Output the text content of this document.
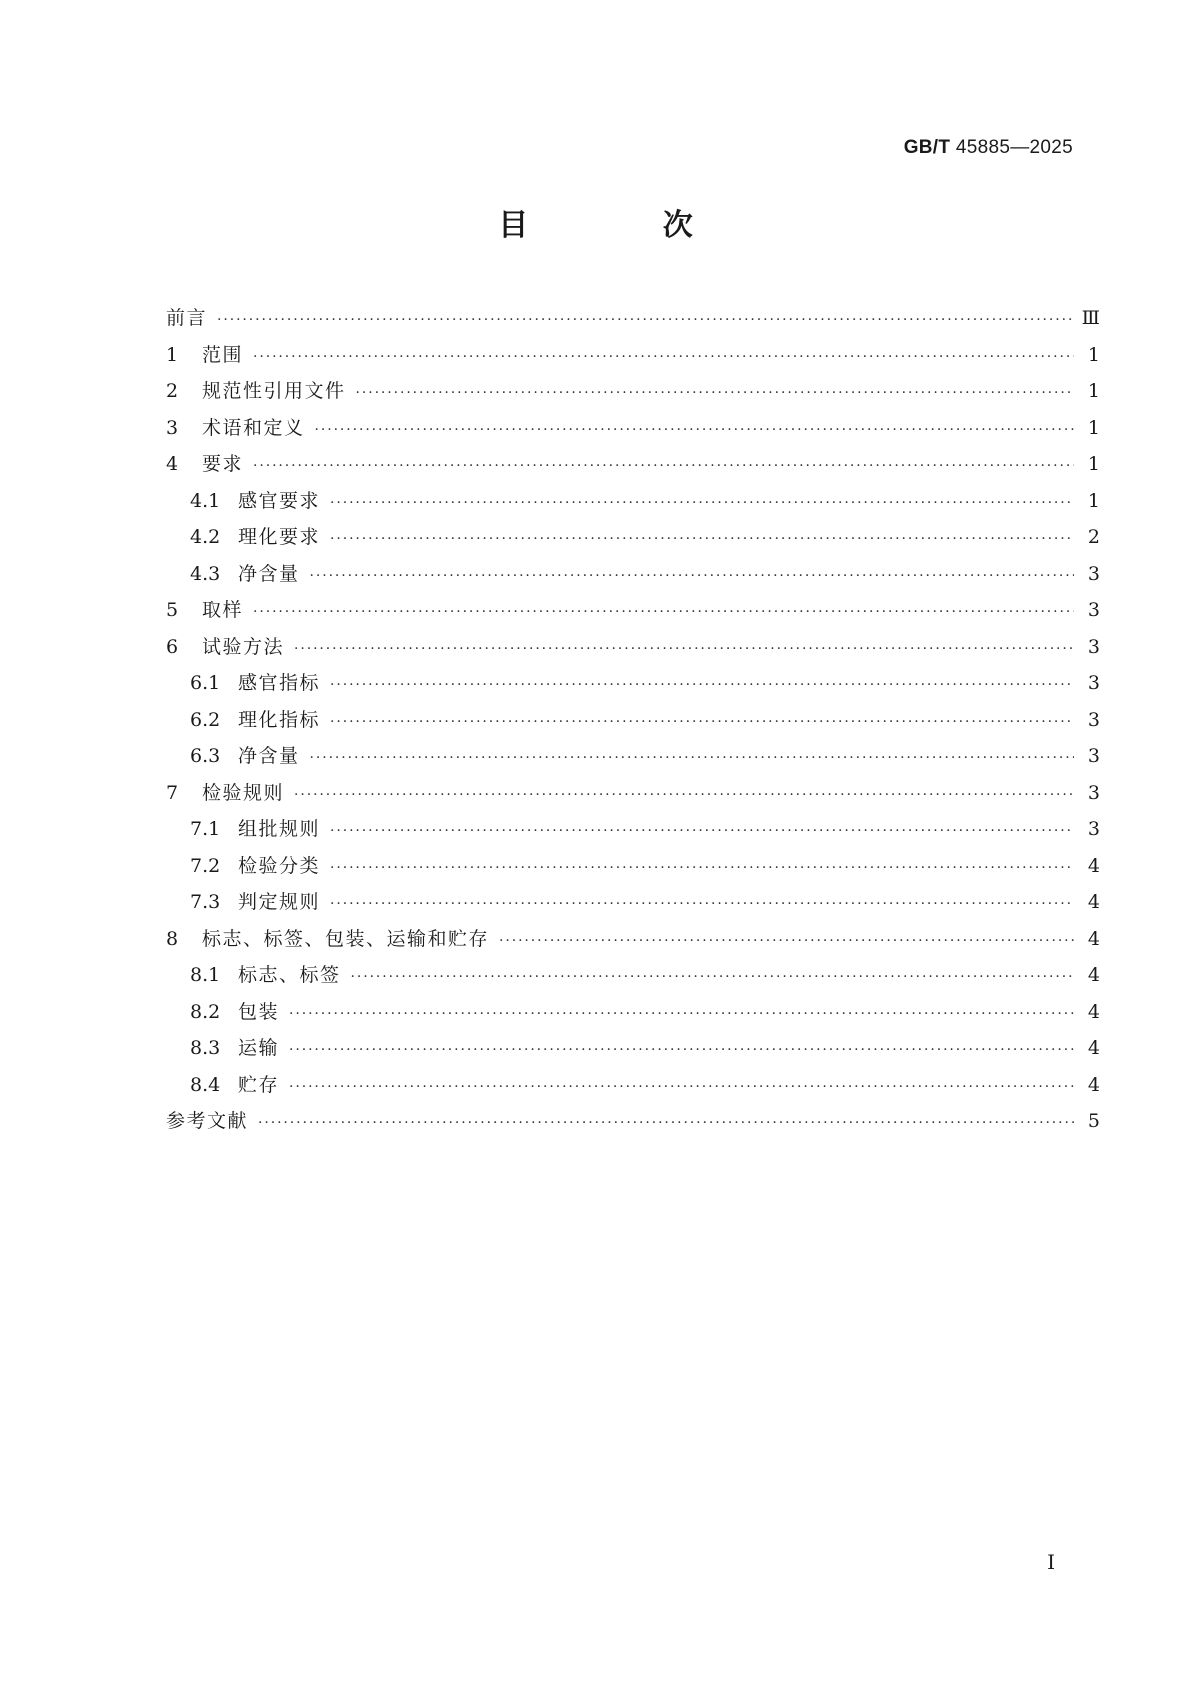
GB/T 45885—2025
目 次
前言 ·····	Ⅲ
1	范围 ·····	1
2	规范性引用文件 ·····	1
3	术语和定义 ·····	1
4	要求 ·····	1
4.1 感官要求 ·····	1
4.2 理化要求 ·····	2
4.3 净含量 ·····	3
5	取样 ·····	3
6	试验方法 ·····	3
6.1 感官指标 ·····	3
6.2 理化指标 ·····	3
6.3 净含量 ·····	3
7	检验规则 ·····	3
7.1 组批规则 ·····	3
7.2 检验分类 ·····	4
7.3 判定规则 ·····	4
8	标志、标签、包装、运输和贮存 ·····	4
8.1 标志、标签 ·····	4
8.2 包装 ·····	4
8.3 运输 ·····	4
8.4 贮存 ·····	4
参考文献 ·····	5
I
